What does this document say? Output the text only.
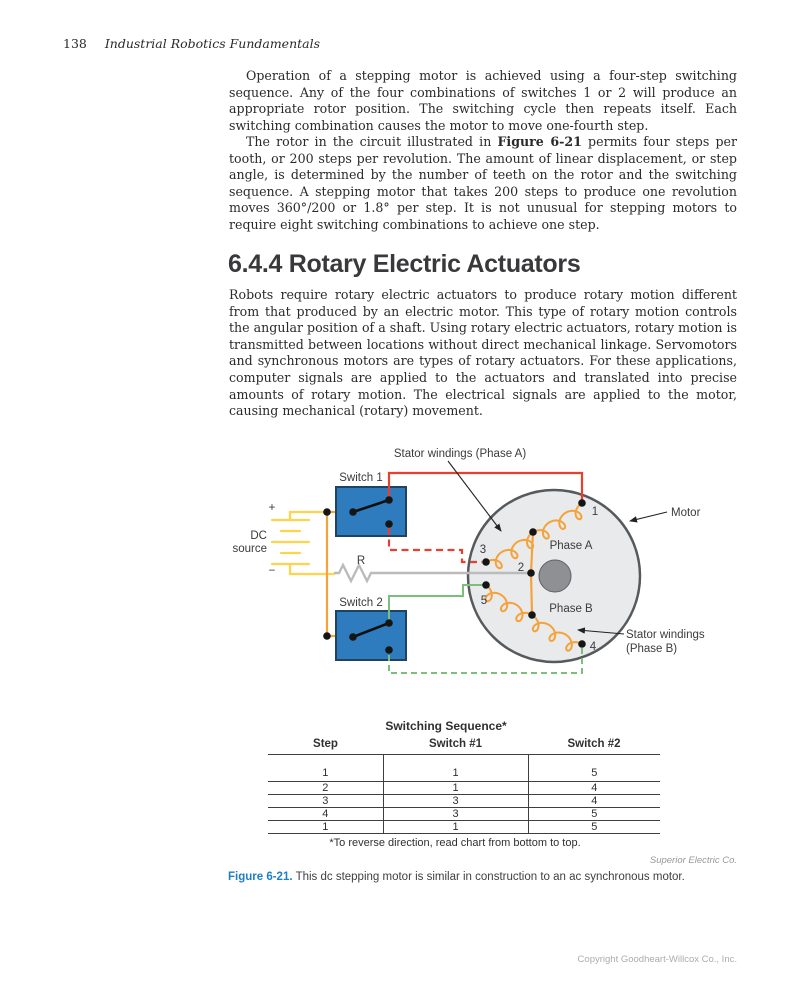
138 Industrial Robotics Fundamentals

Operation of a stepping motor is achieved using a four-step switching sequence. Any of the four combinations of switches 1 or 2 will produce an appropriate rotor position. The switching cycle then repeats itself. Each switching combination causes the motor to move one-fourth step.

The rotor in the circuit illustrated in Figure 6-21 permits four steps per tooth, or 200 steps per revolution. The amount of linear displacement, or step angle, is determined by the number of teeth on the rotor and the switching sequence. A stepping motor that takes 200 steps to produce one revolution moves 360°/200 or 1.8° per step. It is not unusual for stepping motors to require eight switching combinations to achieve one step.

6.4.4 Rotary Electric Actuators

Robots require rotary electric actuators to produce rotary motion different from that produced by an electric motor. This type of rotary motion controls the angular position of a shaft. Using rotary electric actuators, rotary motion is transmitted between locations without direct mechanical linkage. Servomotors and synchronous motors are types of rotary actuators. For these applications, computer signals are applied to the actuators and translated into precise amounts of rotary motion. The electrical signals are applied to the motor, causing mechanical (rotary) movement.

Stator windings (Phase A)
Switch 1
Switch 2
+
−
DC
source
R
Motor
Stator windings
(Phase B)
Phase A
Phase B
1
2
3
4
5
Switching Sequence*
Step	Switch #1	Switch #2
1	1	5
2	1	4
3	3	4
4	3	5
1	1	5
*To reverse direction, read chart from bottom to top.
Superior Electric Co.
Figure 6-21. This dc stepping motor is similar in construction to an ac synchronous motor.
Copyright Goodheart-Willcox Co., Inc.
